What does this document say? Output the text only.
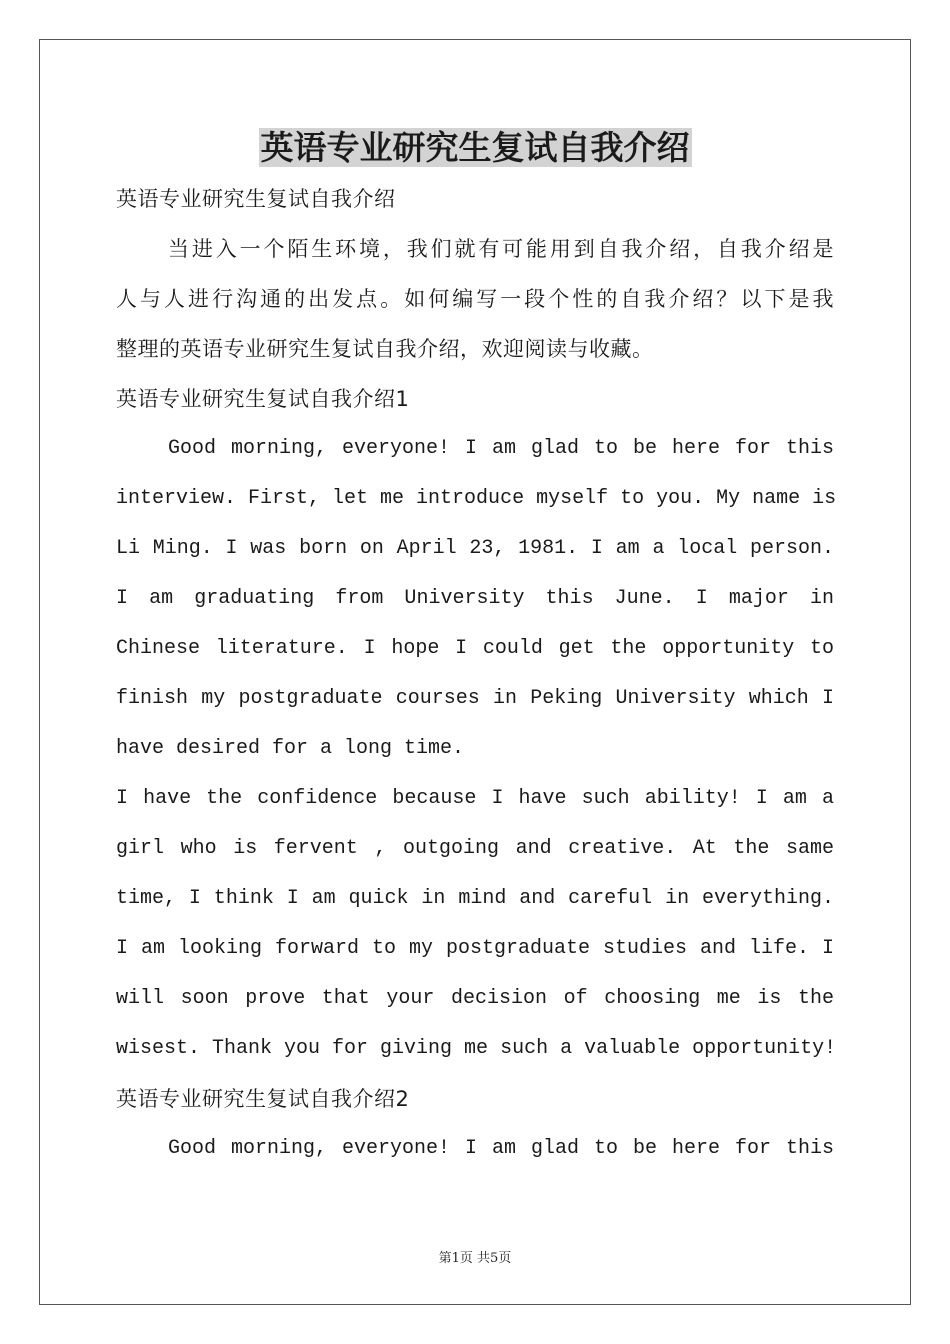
英语专业研究生复试自我介绍

英语专业研究生复试自我介绍

当进入一个陌生环境，我们就有可能用到自我介绍，自我介绍是

人与人进行沟通的出发点。如何编写一段个性的自我介绍？以下是我

整理的英语专业研究生复试自我介绍，欢迎阅读与收藏。

英语专业研究生复试自我介绍1

Good morning, everyone! I am glad to be here for this

interview. First, let me introduce myself to you. My name is

Li Ming. I was born on April 23, 1981. I am a local person.

I am graduating from University this June. I major in

Chinese literature. I hope I could get the opportunity to

finish my postgraduate courses in Peking University which I

have desired for a long time.

I have the confidence because I have such ability! I am a

girl who is fervent , outgoing and creative. At the same

time, I think I am quick in mind and careful in everything.

I am looking forward to my postgraduate studies and life. I

will soon prove that your decision of choosing me is the

wisest. Thank you for giving me such a valuable opportunity!

英语专业研究生复试自我介绍2

Good morning, everyone! I am glad to be here for this

第1页 共5页
